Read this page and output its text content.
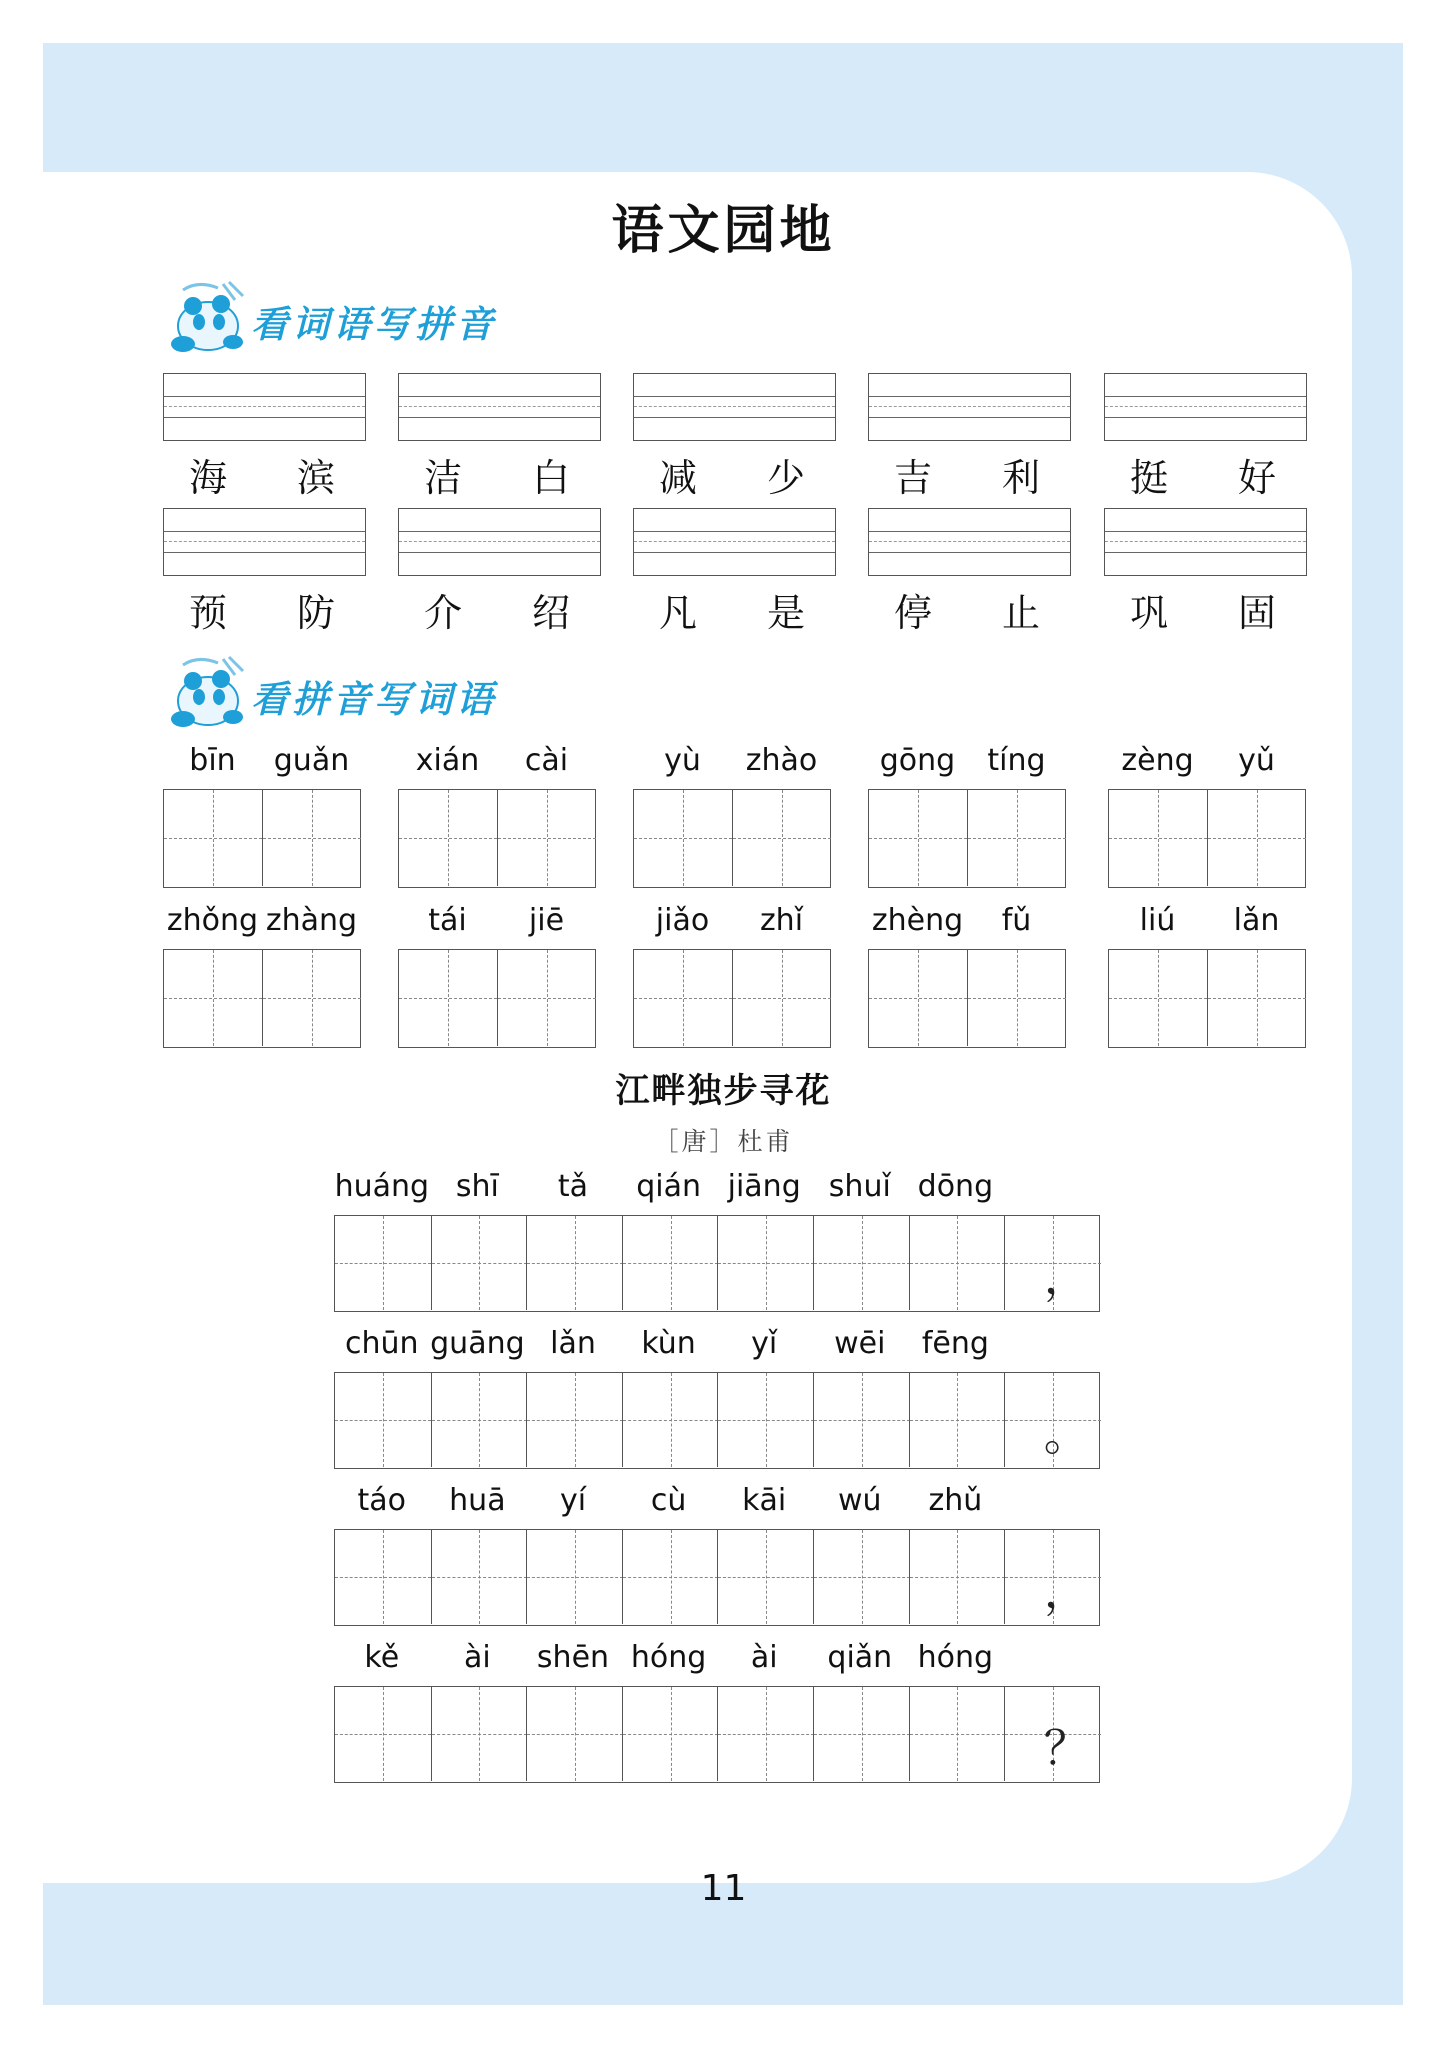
语文园地
看词语写拼音
海 滨 洁 白 减 少 吉 利 挺 好
预 防 介 绍 凡 是 停 止 巩 固
看拼音写词语
bīn	guǎn	xián	cài	yù	zhào	gōng	tíng	zèng	yǔ
zhǒng zhàng	tái	jiē	jiǎo	zhǐ	zhèng	fǔ	liú	lǎn
江畔独步寻花
［唐］杜甫
huáng shī	tǎ	qián jiāng shuǐ dōng
，
chūn guāng lǎn	kùn	yǐ	wēi	fēng
。
táo	huā	yí	cù	kāi	wú	zhǔ
，
kě	ài	shēn hóng	ài	qiǎn hóng
？
11
